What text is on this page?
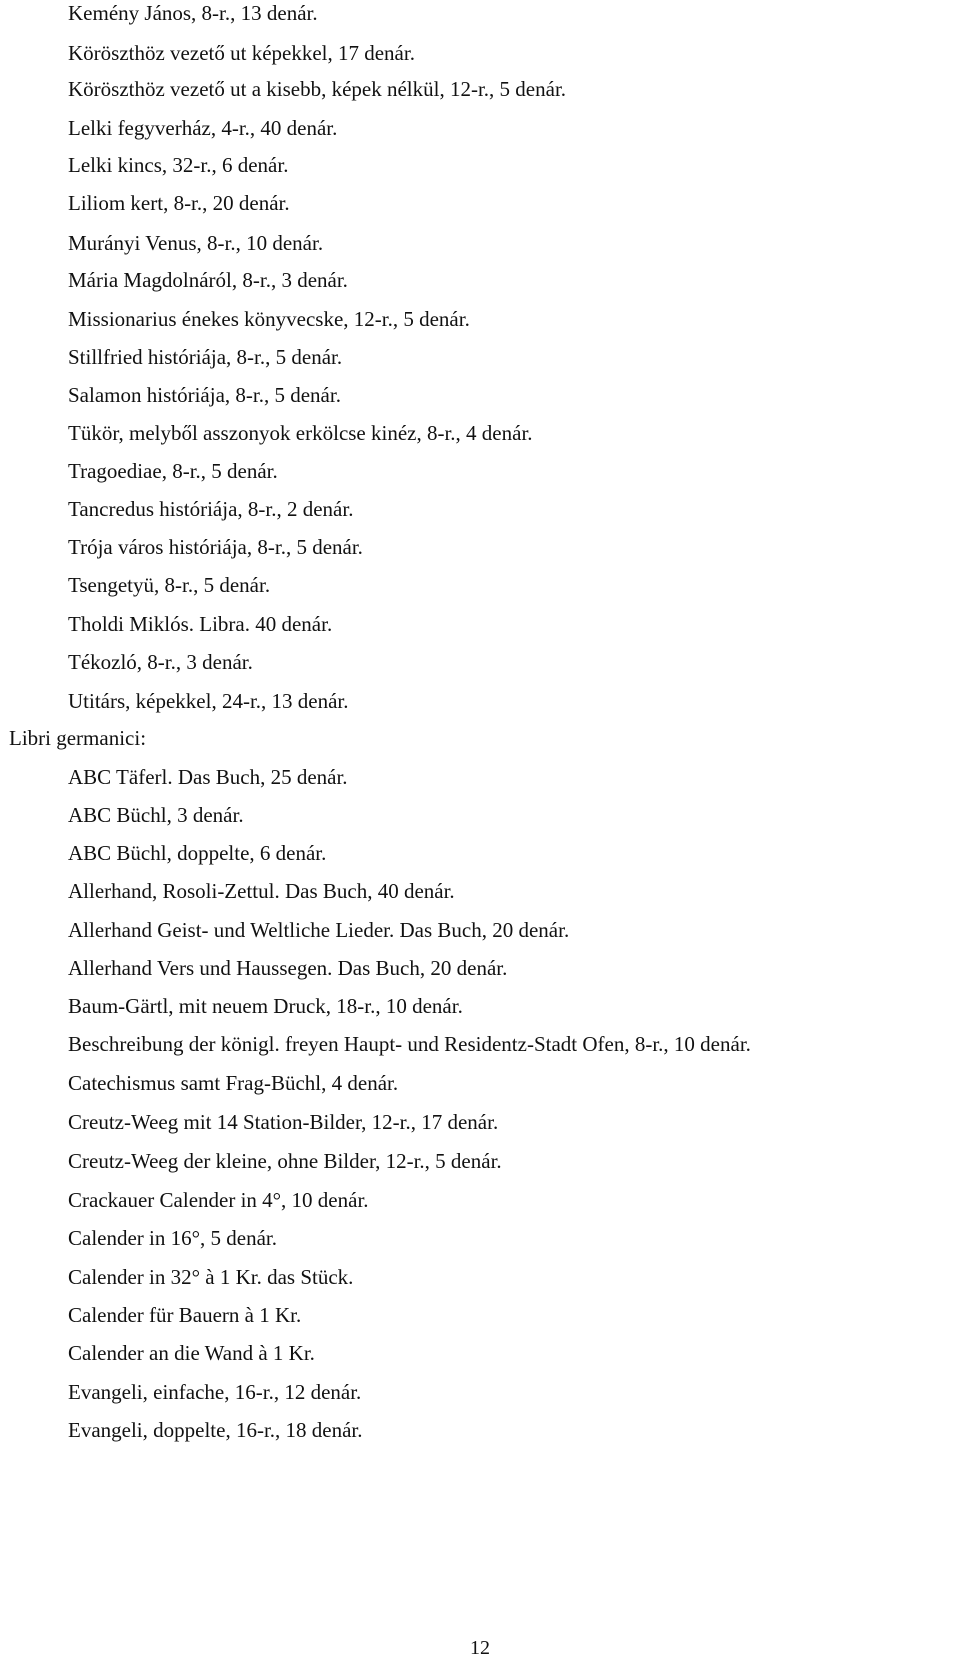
Kemény János, 8-r., 13 denár.
Köröszthöz vezető ut képekkel, 17 denár.
Köröszthöz vezető ut a kisebb, képek nélkül, 12-r., 5 denár.
Lelki fegyverház, 4-r., 40 denár.
Lelki kincs, 32-r., 6 denár.
Liliom kert, 8-r., 20 denár.
Murányi Venus, 8-r., 10 denár.
Mária Magdolnáról, 8-r., 3 denár.
Missionarius énekes könyvecske, 12-r., 5 denár.
Stillfried históriája, 8-r., 5 denár.
Salamon históriája, 8-r., 5 denár.
Tükör, melyből asszonyok erkölcse kinéz, 8-r., 4 denár.
Tragoediae, 8-r., 5 denár.
Tancredus históriája, 8-r., 2 denár.
Trója város históriája, 8-r., 5 denár.
Tsengetyü, 8-r., 5 denár.
Tholdi Miklós. Libra. 40 denár.
Tékozló, 8-r., 3 denár.
Utitárs, képekkel, 24-r., 13 denár.
Libri germanici:
ABC Täferl. Das Buch, 25 denár.
ABC Büchl, 3 denár.
ABC Büchl, doppelte, 6 denár.
Allerhand, Rosoli-Zettul. Das Buch, 40 denár.
Allerhand Geist- und Weltliche Lieder. Das Buch, 20 denár.
Allerhand Vers und Haussegen. Das Buch, 20 denár.
Baum-Gärtl, mit neuem Druck, 18-r., 10 denár.
Beschreibung der königl. freyen Haupt- und Residentz-Stadt Ofen, 8-r., 10 denár.
Catechismus samt Frag-Büchl, 4 denár.
Creutz-Weeg mit 14 Station-Bilder, 12-r., 17 denár.
Creutz-Weeg der kleine, ohne Bilder, 12-r., 5 denár.
Crackauer Calender in 4°, 10 denár.
Calender in 16°, 5 denár.
Calender in 32° à 1 Kr. das Stück.
Calender für Bauern à 1 Kr.
Calender an die Wand à 1 Kr.
Evangeli, einfache, 16-r., 12 denár.
Evangeli, doppelte, 16-r., 18 denár.
12
